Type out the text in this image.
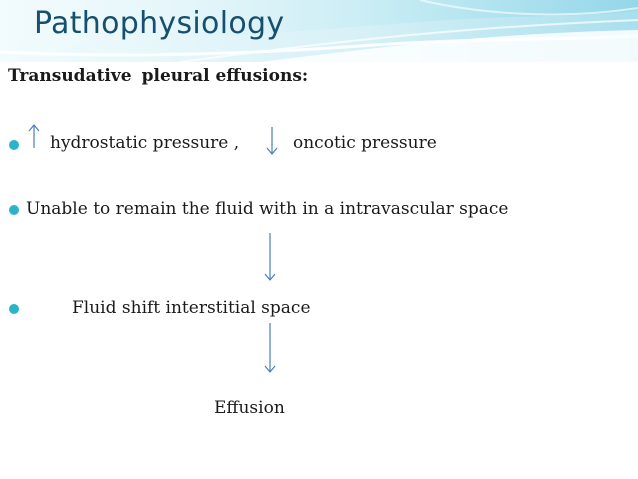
Pathophysiology
Transudative pleural effusions:
hydrostatic pressure ,	oncotic pressure
Unable to remain the fluid with in a intravascular space
Fluid shift interstitial space
Effusion
